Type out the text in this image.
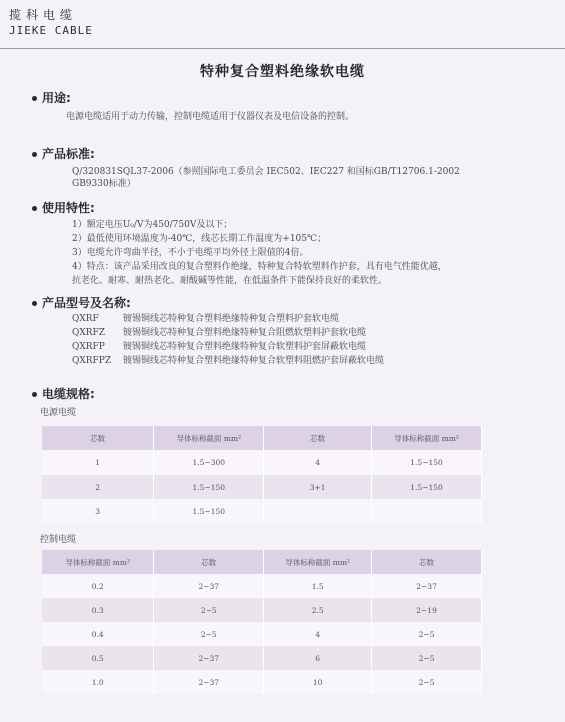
揽科电缆
JIEKE CABLE
特种复合塑料绝缘软电缆
用途:
电源电缆适用于动力传输，控制电缆适用于仪器仪表及电信设备的控制。
产品标准:
Q/320831SQL37-2006（参照国际电工委员会 IEC502、IEC227 和国标GB/T12706.1-2002
GB9330标准）
使用特性:
1）额定电压U₀/V为450/750V及以下；
2）最低使用环境温度为-40℃，线芯长期工作温度为+105℃；
3）电缆允许弯曲半径，不小于电缆平均外径上限值的4倍。
4）特点：该产品采用改良的复合塑料作绝缘，特种复合特软塑料作护套，具有电气性能优越，
抗老化、耐寒、耐热老化、耐酸碱等性能，在低温条件下能保持良好的柔软性。
产品型号及名称:
QXRF	镀锡铜线芯特种复合塑料绝缘特种复合塑料护套软电缆
QXRFZ 镀锡铜线芯特种复合塑料绝缘特种复合阻燃软塑料护套软电缆
QXRFP 镀锡铜线芯特种复合塑料绝缘特种复合软塑料护套屏蔽软电缆
QXRFPZ 镀锡铜线芯特种复合塑料绝缘特种复合软塑料阻燃护套屏蔽软电缆
电缆规格:
电源电缆
芯数	导体标称截面 mm²	芯数	导体标称截面 mm²
1	1.5~300	4	1.5~150
2	1.5~150	3+1	1.5~150
3	1.5~150		
控制电缆
导体标称截面 mm²	芯数	导体标称截面 mm²	芯数
0.2	2~37	1.5	2~37
0.3	2~5	2.5	2~19
0.4	2~5	4	2~5
0.5	2~37	6	2~5
1.0	2~37	10	2~5
